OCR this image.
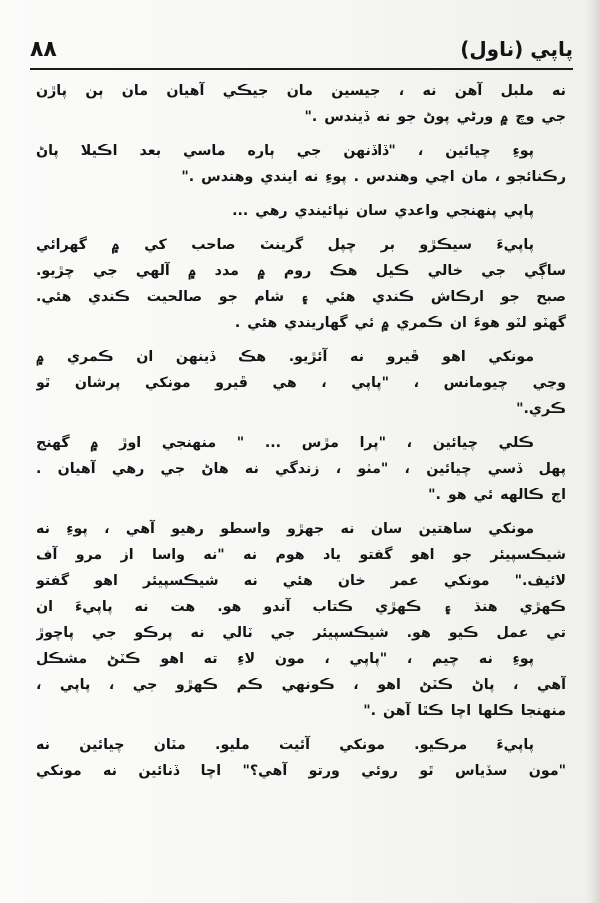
٨٨	پاپي (ناول)
نه ملبل آهن نه ، جيسين مان جيڪي آهيان مان ٻن پاڙن
جي وچ ۾ ورڻي پوڻ جو نه ڏيندس ."
پوءِ چيائين ، "ڏاڏنهن جي ٻاره ماسي بعد اڪيلا پاڻ
رڪنائجو ، مان اڃي وهندس . پوءِ نه ايندي وهندس ."
پاپي پنهنجي واعدي سان نڀائيندي رهي ...
پاپيءَ سيڪڙو بر چپل گرينٽ صاحب کي ۾ گهرائي
ساڳي جي خالي ڪيل هڪ روم ۾ مدد ۾ آلهي جي چڙيو.
صبح جو ارڪاش ڪندي هئي ۽ شام جو صالحيت ڪندي هئي.
گهٽو لٽو هوءَ ان ڪمري ۾ ئي گهاريندي هئي .
مونکي اهو ڦيرو نه آئڙيو. هڪ ڏينهن ان ڪمري ۾
وڃي چيومانس ، "پاپي ، هي ڦيرو مونکي پرشان ٿو
ڪري."
ڪلي چيائين ، "پرا مڙس ... " منهنجي اوڙ ۾ گهنج
پهل ڏسي چيائين ، "مٺو ، زندگي نه هاڻ جي رهي آهيان .
اڄ ڪالهه ئي هو ."
مونکي ساهتين سان نه جهڙو واسطو رهيو آهي ، پوءِ نه
شيڪسپيئر جو اهو گفتو ياد هوم نه "نه واسا از مرو آف
لائيف." مونکي عمر خان هئي نه شيڪسپيئر اهو گفتو
ڪهڙي هنڌ ۽ ڪهڙي ڪتاب آندو هو. هت نه پاپيءَ ان
تي عمل ڪيو هو. شيڪسپيئر جي ٽالي نه پرڪو جي پاچوڙ
پوءِ نه چيم ، "پاپي ، مون لاءِ ته اهو ڪٽڻ مشڪل
آهي ، پاڻ ڪٽڻ اهو ، ڪونهي ڪم ڪهڙو جي ، پاپي ،
منهنجا ڪلها اچا ڪٿا آهن ."
پاپيءَ مرڪيو. مونکي آئيت مليو. مٽان چيائين نه
"مون سڏياس ٿو روئي ورتو آهي؟" اچا ڏنائين نه مونکي
